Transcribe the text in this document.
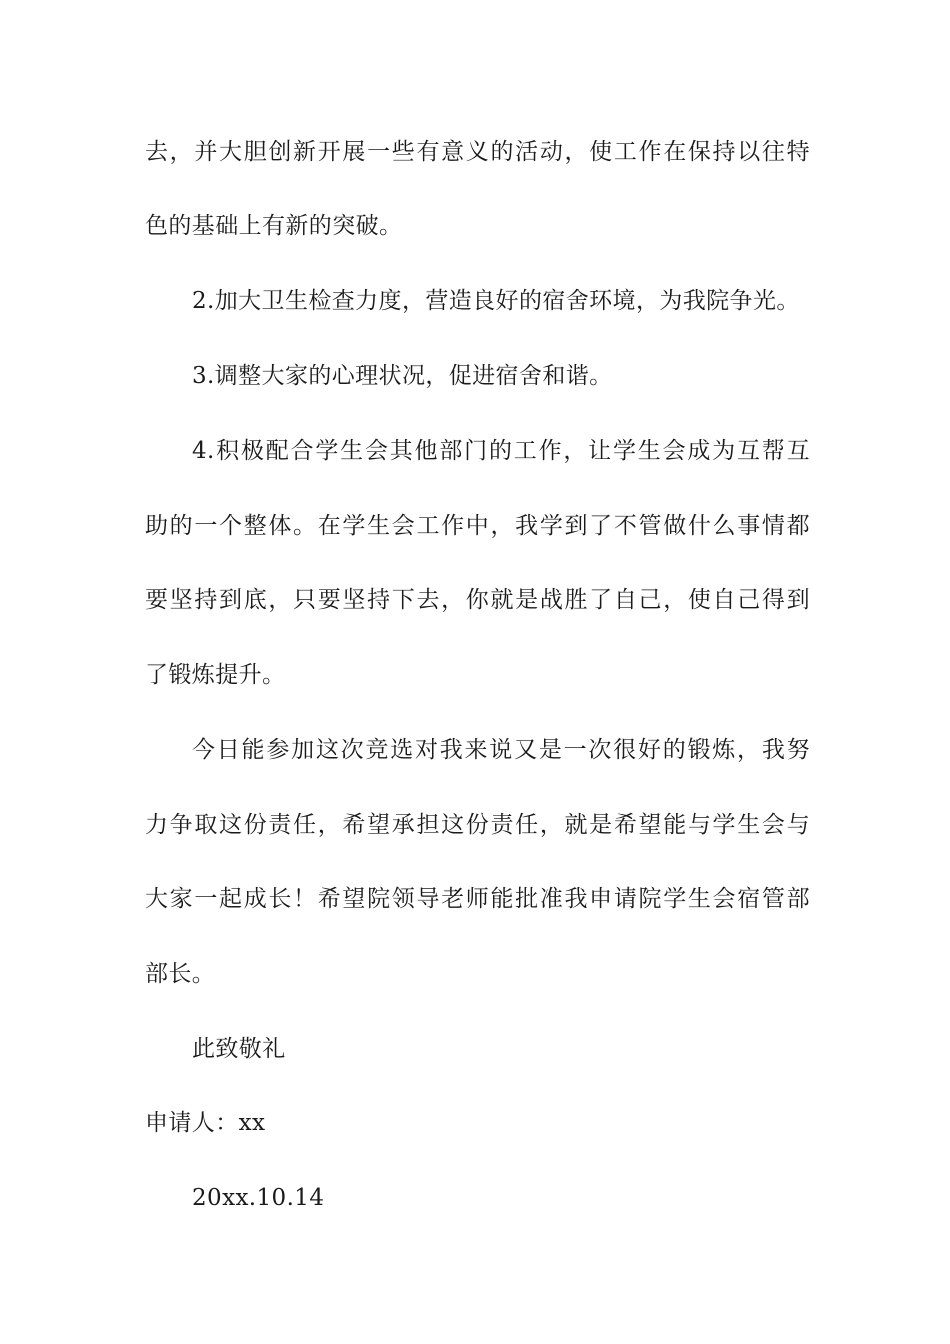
去，并大胆创新开展一些有意义的活动，使工作在保持以往特
色的基础上有新的突破。
2.加大卫生检查力度，营造良好的宿舍环境，为我院争光。
3.调整大家的心理状况，促进宿舍和谐。
4.积极配合学生会其他部门的工作，让学生会成为互帮互
助的一个整体。在学生会工作中，我学到了不管做什么事情都
要坚持到底，只要坚持下去，你就是战胜了自己，使自己得到
了锻炼提升。
今日能参加这次竞选对我来说又是一次很好的锻炼，我努
力争取这份责任，希望承担这份责任，就是希望能与学生会与
大家一起成长！希望院领导老师能批准我申请院学生会宿管部
部长。
此致敬礼
申请人：xx
20xx.10.14
